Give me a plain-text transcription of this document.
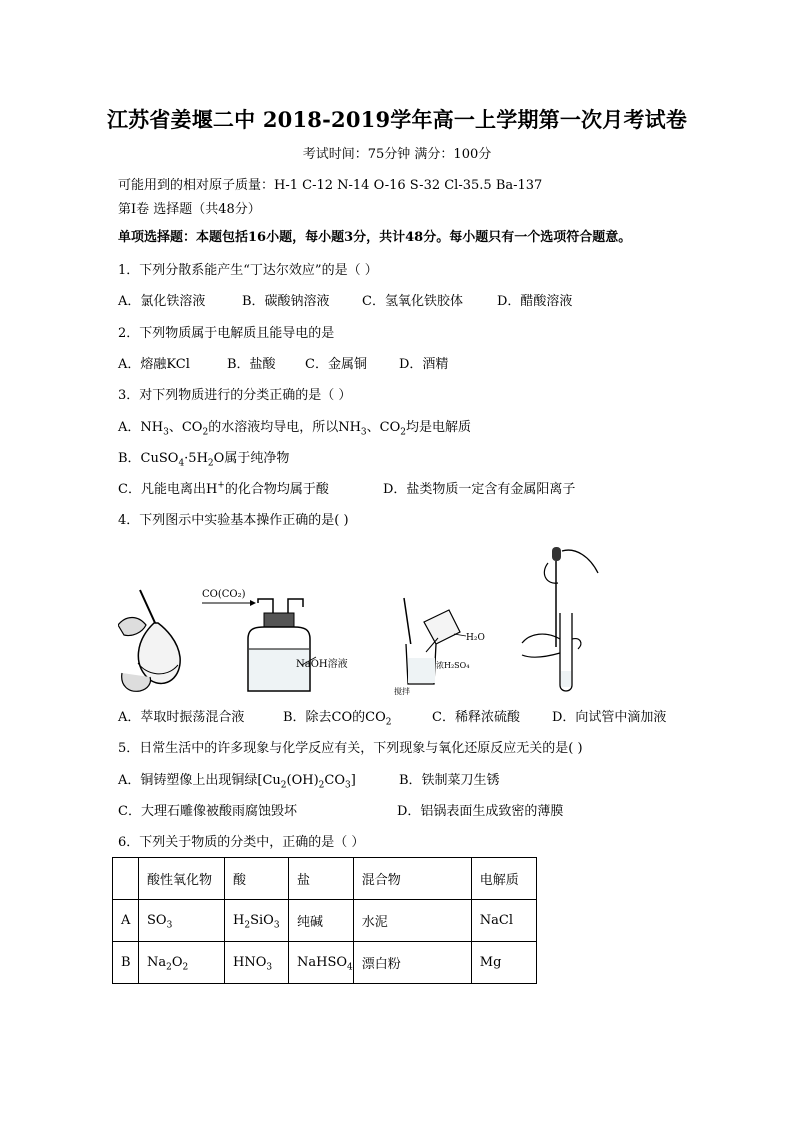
江苏省姜堰二中 2018-2019学年高一上学期第一次月考试卷
考试时间：75分钟 满分：100分
可能用到的相对原子质量：H-1 C-12 N-14 O-16 S-32 Cl-35.5 Ba-137
第Ⅰ卷 选择题（共48分）
单项选择题：本题包括16小题，每小题3分，共计48分。每小题只有一个选项符合题意。
1．下列分散系能产生“丁达尔效应”的是（ ）
A．氯化铁溶液	B．碳酸钠溶液 C．氢氧化铁胶体	D．醋酸溶液
2．下列物质属于电解质且能导电的是
A．熔融KCl	B．盐酸 C．金属铜 D．酒精
3．对下列物质进行的分类正确的是（ ）
A．$NH_3$、$CO_2$的水溶液均导电，所以$NH_3$、$CO_2$均是电解质
B．$CuSO_4\cdot 5H_2O$属于纯净物
C．凡能电离出H+的化合物均属于酸	D．盐类物质一定含有金属阳离子
4．下列图示中实验基本操作正确的是( )
CO(CO₂)
NaOH溶液
H₂O
浓H₂SO₄
搅拌
A．萃取时振荡混合液	B．除去CO的$CO_2$	C．稀释浓硫酸 D．向试管中滴加液
5．日常生活中的许多现象与化学反应有关，下列现象与氧化还原反应无关的是( )
A．铜铸塑像上出现铜绿$[Cu_2(OH)_2CO_3]$	B．铁制菜刀生锈
C．大理石雕像被酸雨腐蚀毁坏	D．铝锅表面生成致密的薄膜
6．下列关于物质的分类中，正确的是（ ）
	酸性氧化物	酸	盐	混合物	电解质
A	$SO_3$	$H_2SiO_3$	纯碱	水泥	NaCl
B	$Na_2O_2$	$HNO_3$	NaHSO$_4$	漂白粉	Mg
